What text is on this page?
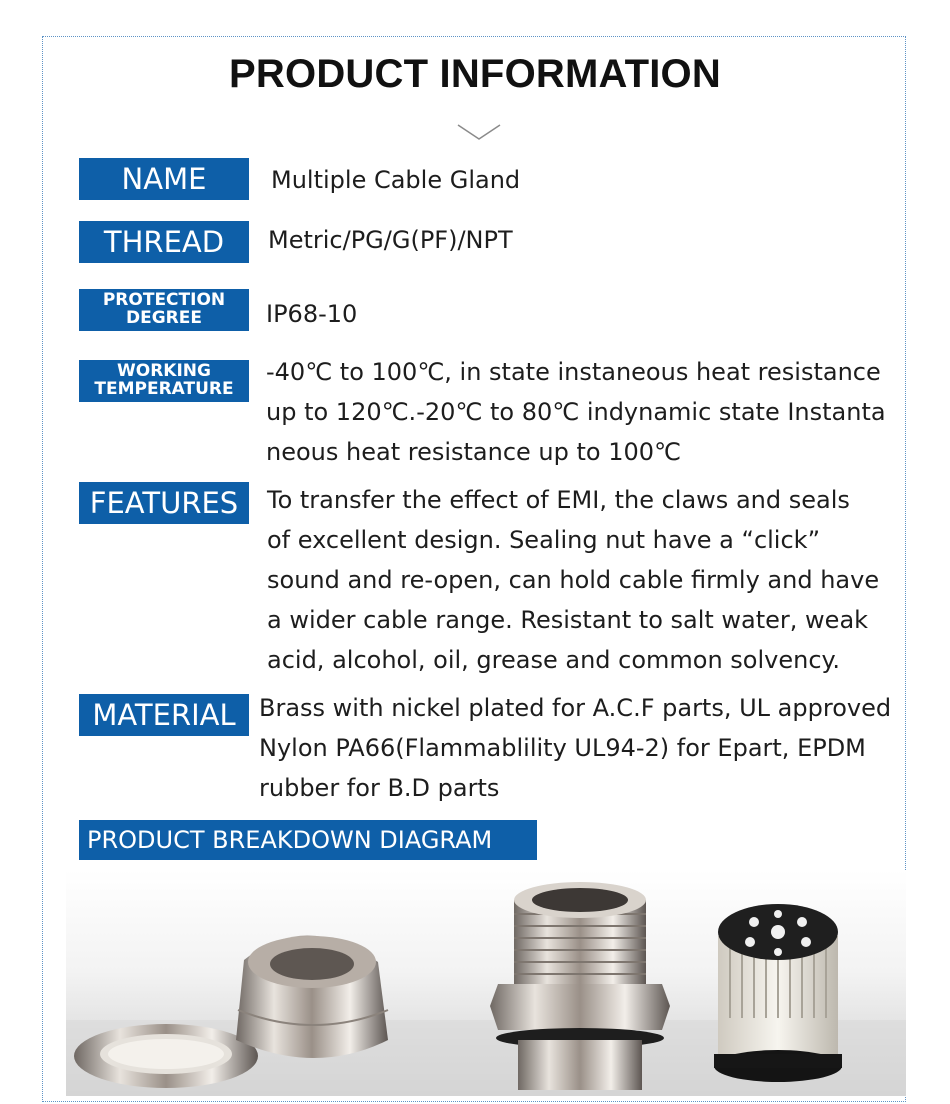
PRODUCT INFORMATION
NAME	Multiple Cable Gland
THREAD	Metric/PG/G(PF)/NPT
PROTECTION
DEGREE	IP68-10
WORKING
TEMPERATURE
-40℃ to 100℃, in state instaneous heat resistance
up to 120℃.-20℃ to 80℃ indynamic state Instanta
neous heat resistance up to 100℃
FEATURES	To transfer the effect of EMI, the claws and seals
of excellent design. Sealing nut have a “click”
sound and re-open, can hold cable firmly and have
a wider cable range. Resistant to salt water, weak
acid, alcohol, oil, grease and common solvency.
MATERIAL Brass with nickel plated for A.C.F parts, UL approved
Nylon PA66(Flammablility UL94-2) for Epart, EPDM
rubber for B.D parts
PRODUCT BREAKDOWN DIAGRAM
